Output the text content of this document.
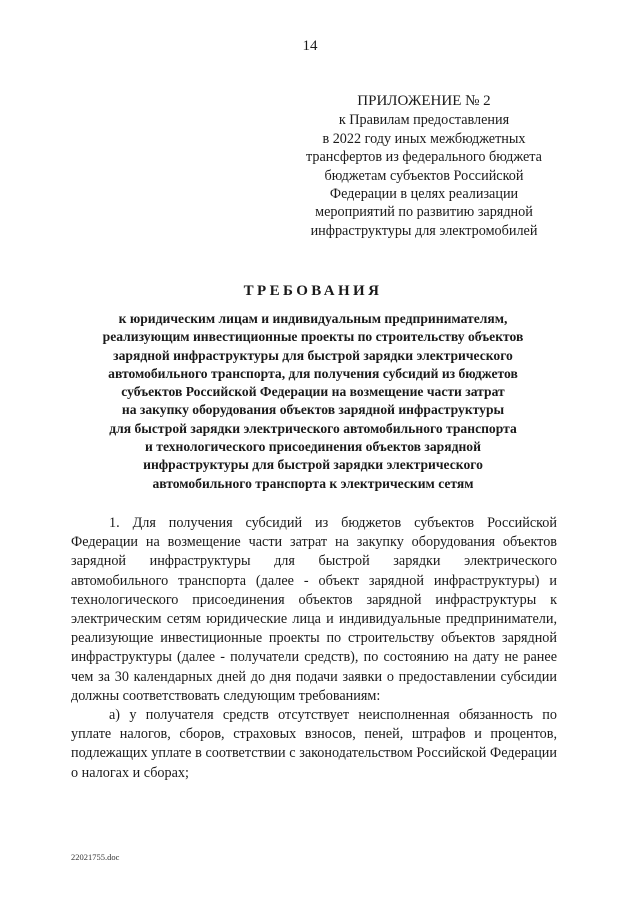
14
ПРИЛОЖЕНИЕ № 2
к Правилам предоставления
в 2022 году иных межбюджетных
трансфертов из федерального бюджета
бюджетам субъектов Российской
Федерации в целях реализации
мероприятий по развитию зарядной
инфраструктуры для электромобилей
ТРЕБОВАНИЯ
к юридическим лицам и индивидуальным предпринимателям,
реализующим инвестиционные проекты по строительству объектов
зарядной инфраструктуры для быстрой зарядки электрического
автомобильного транспорта, для получения субсидий из бюджетов
субъектов Российской Федерации на возмещение части затрат
на закупку оборудования объектов зарядной инфраструктуры
для быстрой зарядки электрического автомобильного транспорта
и технологического присоединения объектов зарядной
инфраструктуры для быстрой зарядки электрического
автомобильного транспорта к электрическим сетям

1. Для получения субсидий из бюджетов субъектов Российской Федерации на возмещение части затрат на закупку оборудования объектов зарядной инфраструктуры для быстрой зарядки электрического автомобильного транспорта (далее - объект зарядной инфраструктуры) и технологического присоединения объектов зарядной инфраструктуры к электрическим сетям юридические лица и индивидуальные предприниматели, реализующие инвестиционные проекты по строительству объектов зарядной инфраструктуры (далее - получатели средств), по состоянию на дату не ранее чем за 30 календарных дней до дня подачи заявки о предоставлении субсидии должны соответствовать следующим требованиям:

а) у получателя средств отсутствует неисполненная обязанность по уплате налогов, сборов, страховых взносов, пеней, штрафов и процентов, подлежащих уплате в соответствии с законодательством Российской Федерации о налогах и сборах;

22021755.doc
